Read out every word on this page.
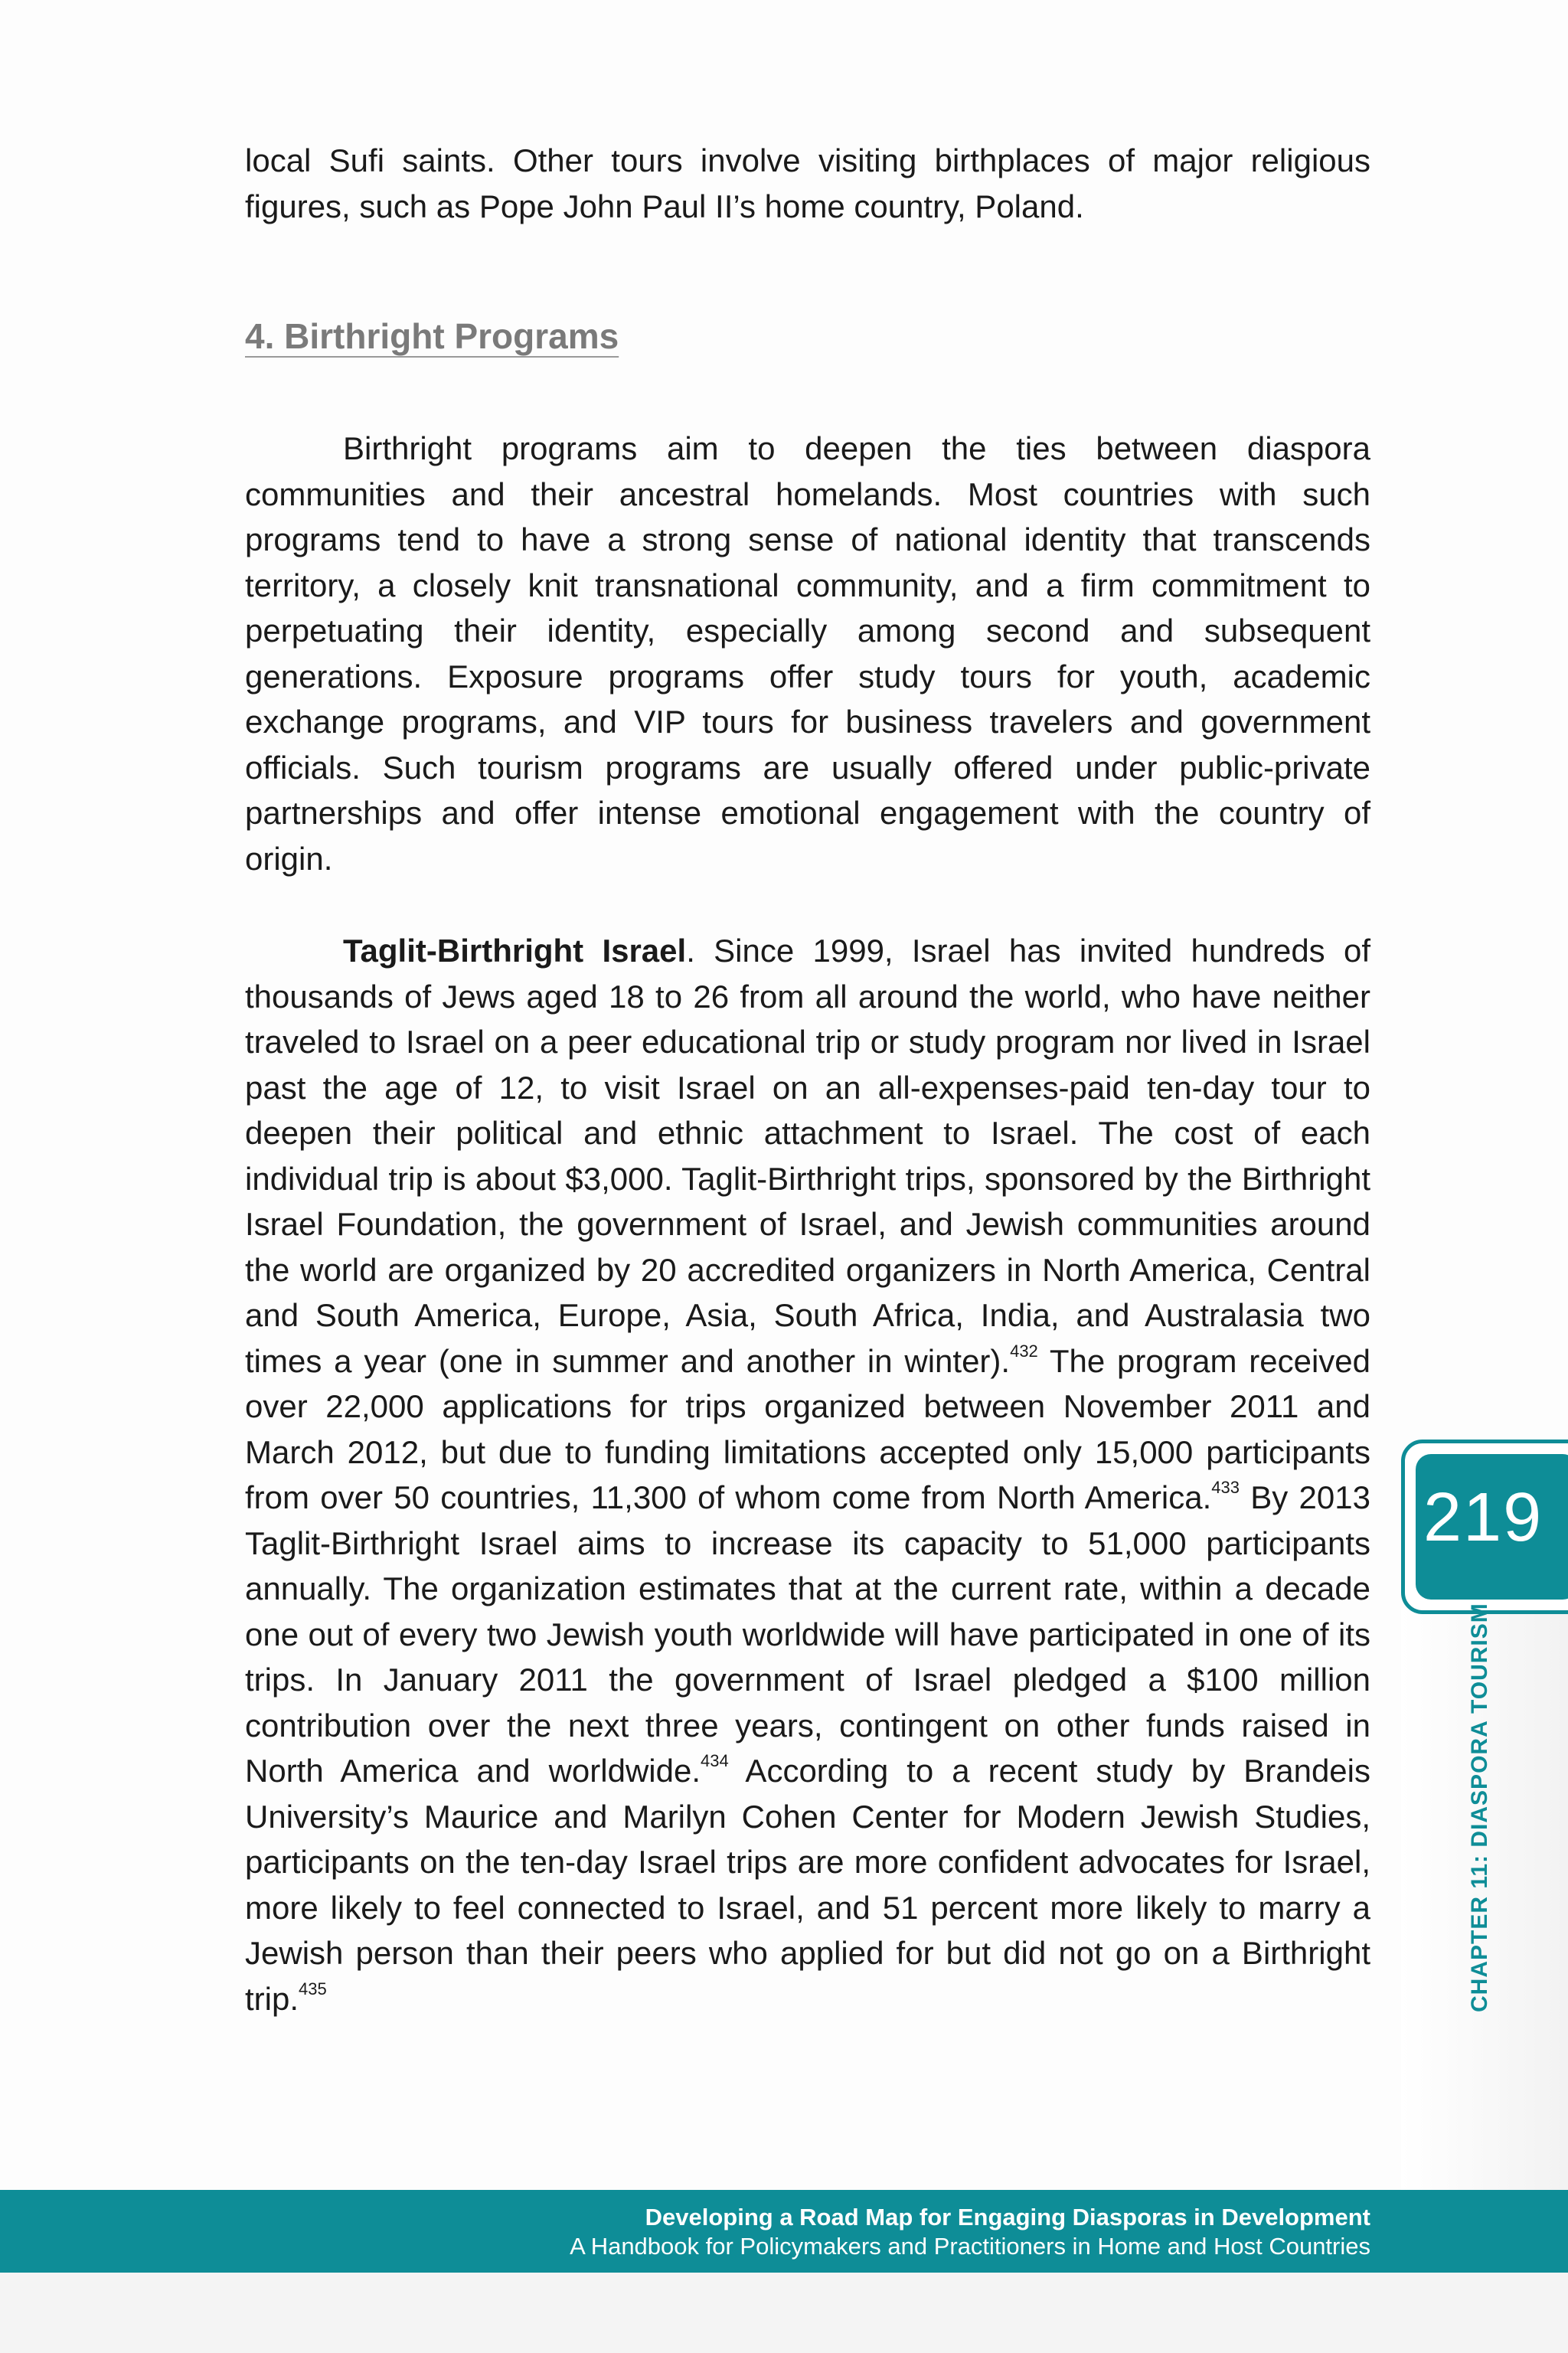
local Sufi saints. Other tours involve visiting birthplaces of major religious figures, such as Pope John Paul II’s home country, Poland.

4. Birthright Programs

Birthright programs aim to deepen the ties between diaspora communities and their ancestral homelands. Most countries with such programs tend to have a strong sense of national identity that transcends territory, a closely knit transnational community, and a firm commitment to perpetuating their identity, especially among second and subsequent generations. Exposure programs offer study tours for youth, academic exchange programs, and VIP tours for business travelers and government officials. Such tourism programs are usually offered under public-private partnerships and offer intense emotional engagement with the country of origin.

Taglit-Birthright Israel. Since 1999, Israel has invited hundreds of thousands of Jews aged 18 to 26 from all around the world, who have neither traveled to Israel on a peer educational trip or study program nor lived in Israel past the age of 12, to visit Israel on an all-expenses-paid ten-day tour to deepen their political and ethnic attachment to Israel. The cost of each individual trip is about $3,000. Taglit-Birthright trips, sponsored by the Birthright Israel Foundation, the government of Israel, and Jewish communities around the world are organized by 20 accredited organizers in North America, Central and South America, Europe, Asia, South Africa, India, and Australasia two times a year (one in summer and another in winter).$^{432}$ The program received over 22,000 applications for trips organized between November 2011 and March 2012, but due to funding limitations accepted only 15,000 participants from over 50 countries, 11,300 of whom come from North America.$^{433}$ By 2013 Taglit-Birthright Israel aims to increase its capacity to 51,000 participants annually. The organization estimates that at the current rate, within a decade one out of every two Jewish youth worldwide will have participated in one of its trips. In January 2011 the government of Israel pledged a $100 million contribution over the next three years, contingent on other funds raised in North America and worldwide.$^{434}$ According to a recent study by Brandeis University’s Maurice and Marilyn Cohen Center for Modern Jewish Studies, participants on the ten-day Israel trips are more confident advocates for Israel, more likely to feel connected to Israel, and 51 percent more likely to marry a Jewish person than their peers who applied for but did not go on a Birthright trip.$^{435}$

219
CHAPTER 11: DIASPORA TOURISM
Developing a Road Map for Engaging Diasporas in Development
A Handbook for Policymakers and Practitioners in Home and Host Countries
